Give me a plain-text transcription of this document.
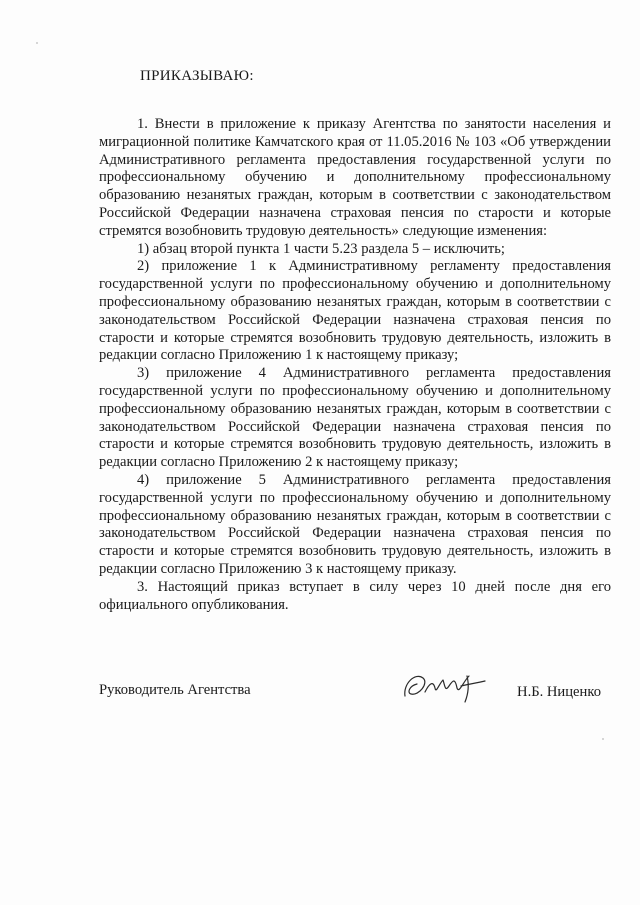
ПРИКАЗЫВАЮ:

1. Внести в приложение к приказу Агентства по занятости населения и миграционной политике Камчатского края от 11.05.2016 № 103 «Об утверждении Административного регламента предоставления государственной услуги по профессиональному обучению и дополнительному профессиональному образованию незанятых граждан, которым в соответствии с законодательством Российской Федерации назначена страховая пенсия по старости и которые стремятся возобновить трудовую деятельность» следующие изменения:

1) абзац второй пункта 1 части 5.23 раздела 5 – исключить;

2) приложение 1 к Административному регламенту предоставления государственной услуги по профессиональному обучению и дополнительному профессиональному образованию незанятых граждан, которым в соответствии с законодательством Российской Федерации назначена страховая пенсия по старости и которые стремятся возобновить трудовую деятельность, изложить в редакции согласно Приложению 1 к настоящему приказу;

3) приложение 4 Административного регламента предоставления государственной услуги по профессиональному обучению и дополнительному профессиональному образованию незанятых граждан, которым в соответствии с законодательством Российской Федерации назначена страховая пенсия по старости и которые стремятся возобновить трудовую деятельность, изложить в редакции согласно Приложению 2 к настоящему приказу;

4) приложение 5 Административного регламента предоставления государственной услуги по профессиональному обучению и дополнительному профессиональному образованию незанятых граждан, которым в соответствии с законодательством Российской Федерации назначена страховая пенсия по старости и которые стремятся возобновить трудовую деятельность, изложить в редакции согласно Приложению 3 к настоящему приказу.

3. Настоящий приказ вступает в силу через 10 дней после дня его официального опубликования.

Руководитель Агентства	Н.Б. Ниценко
